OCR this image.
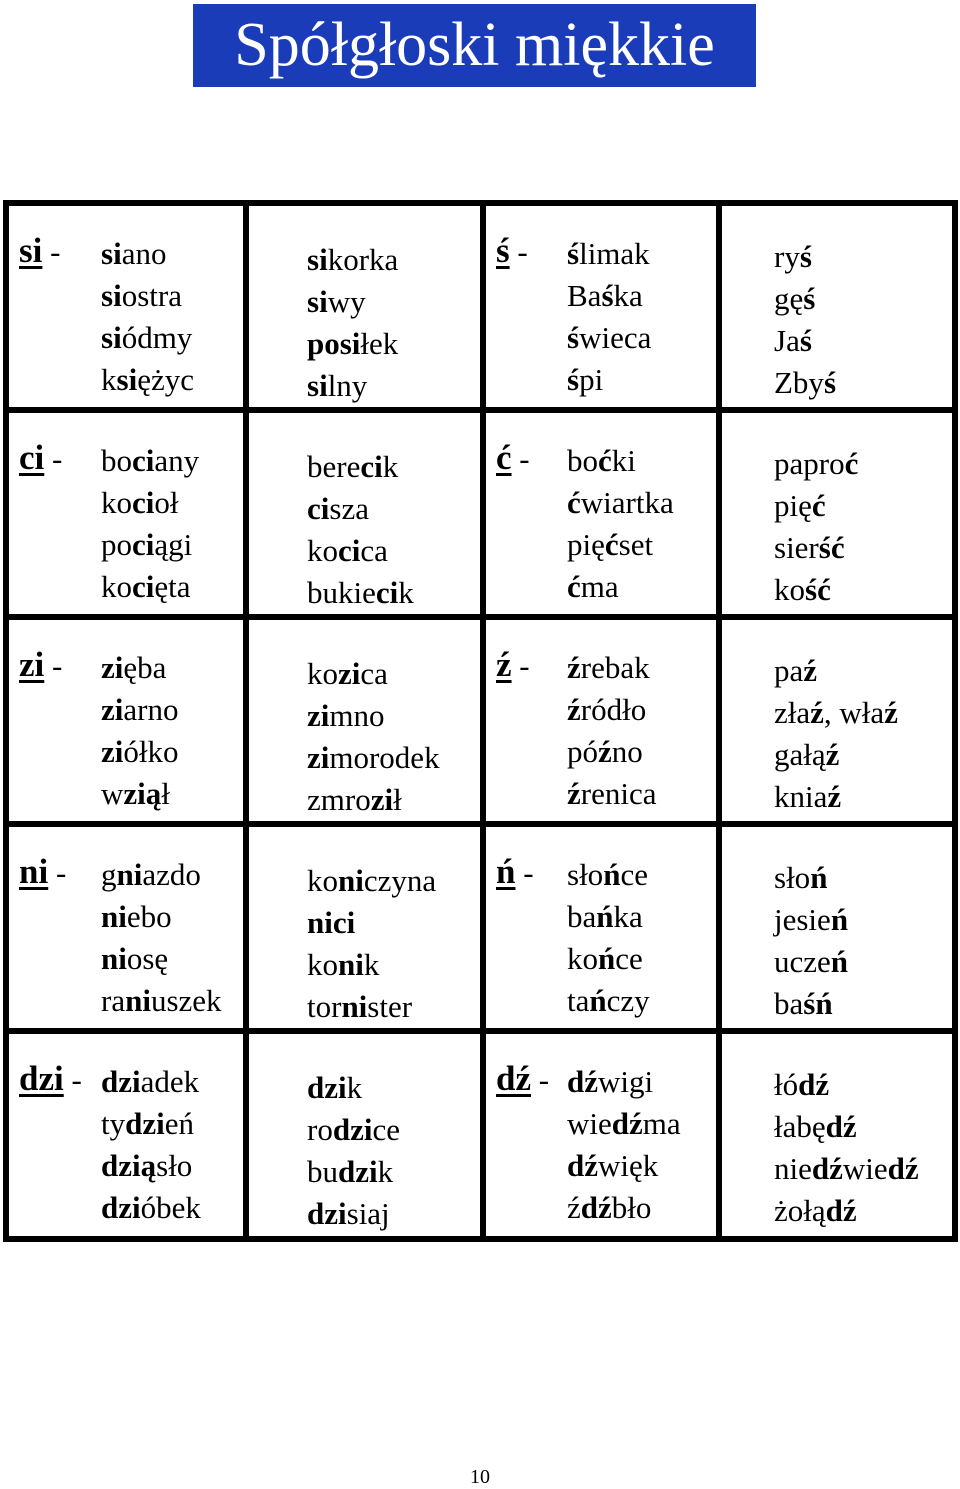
Spółgłoski miękkie
si - siano
siostra
siódmy
księżyc
sikorka
siwy
posiłek
silny
ś - ślimak
Baśka
świeca
śpi
ryś
gęś
Jaś
Zbyś
ci - bociany
kocioł
pociągi
kocięta
berecik
cisza
kocica
bukiecik
ć - boćki
ćwiartka
pięćset
ćma
paproć
pięć
sierść
kość
zi - zięba
ziarno
ziółko
wziął
kozica
zimno
zimorodek
zmroził
ź - źrebak
źródło
późno
źrenica
paź
złaź, właź
gałąź
kniaź
ni - gniazdo
niebo
niosę
raniuszek
koniczyna
nici
konik
tornister
ń - słońce
bańka
końce
tańczy
słoń
jesień
uczeń
baśń
dzi - dziadek
tydzień
dziąsło
dzióbek
dzik
rodzice
budzik
dzisiaj
dź - dźwigi
wiedźma
dźwięk
źdźbło
łódź
łabędź
niedźwiedź
żołądź
10
